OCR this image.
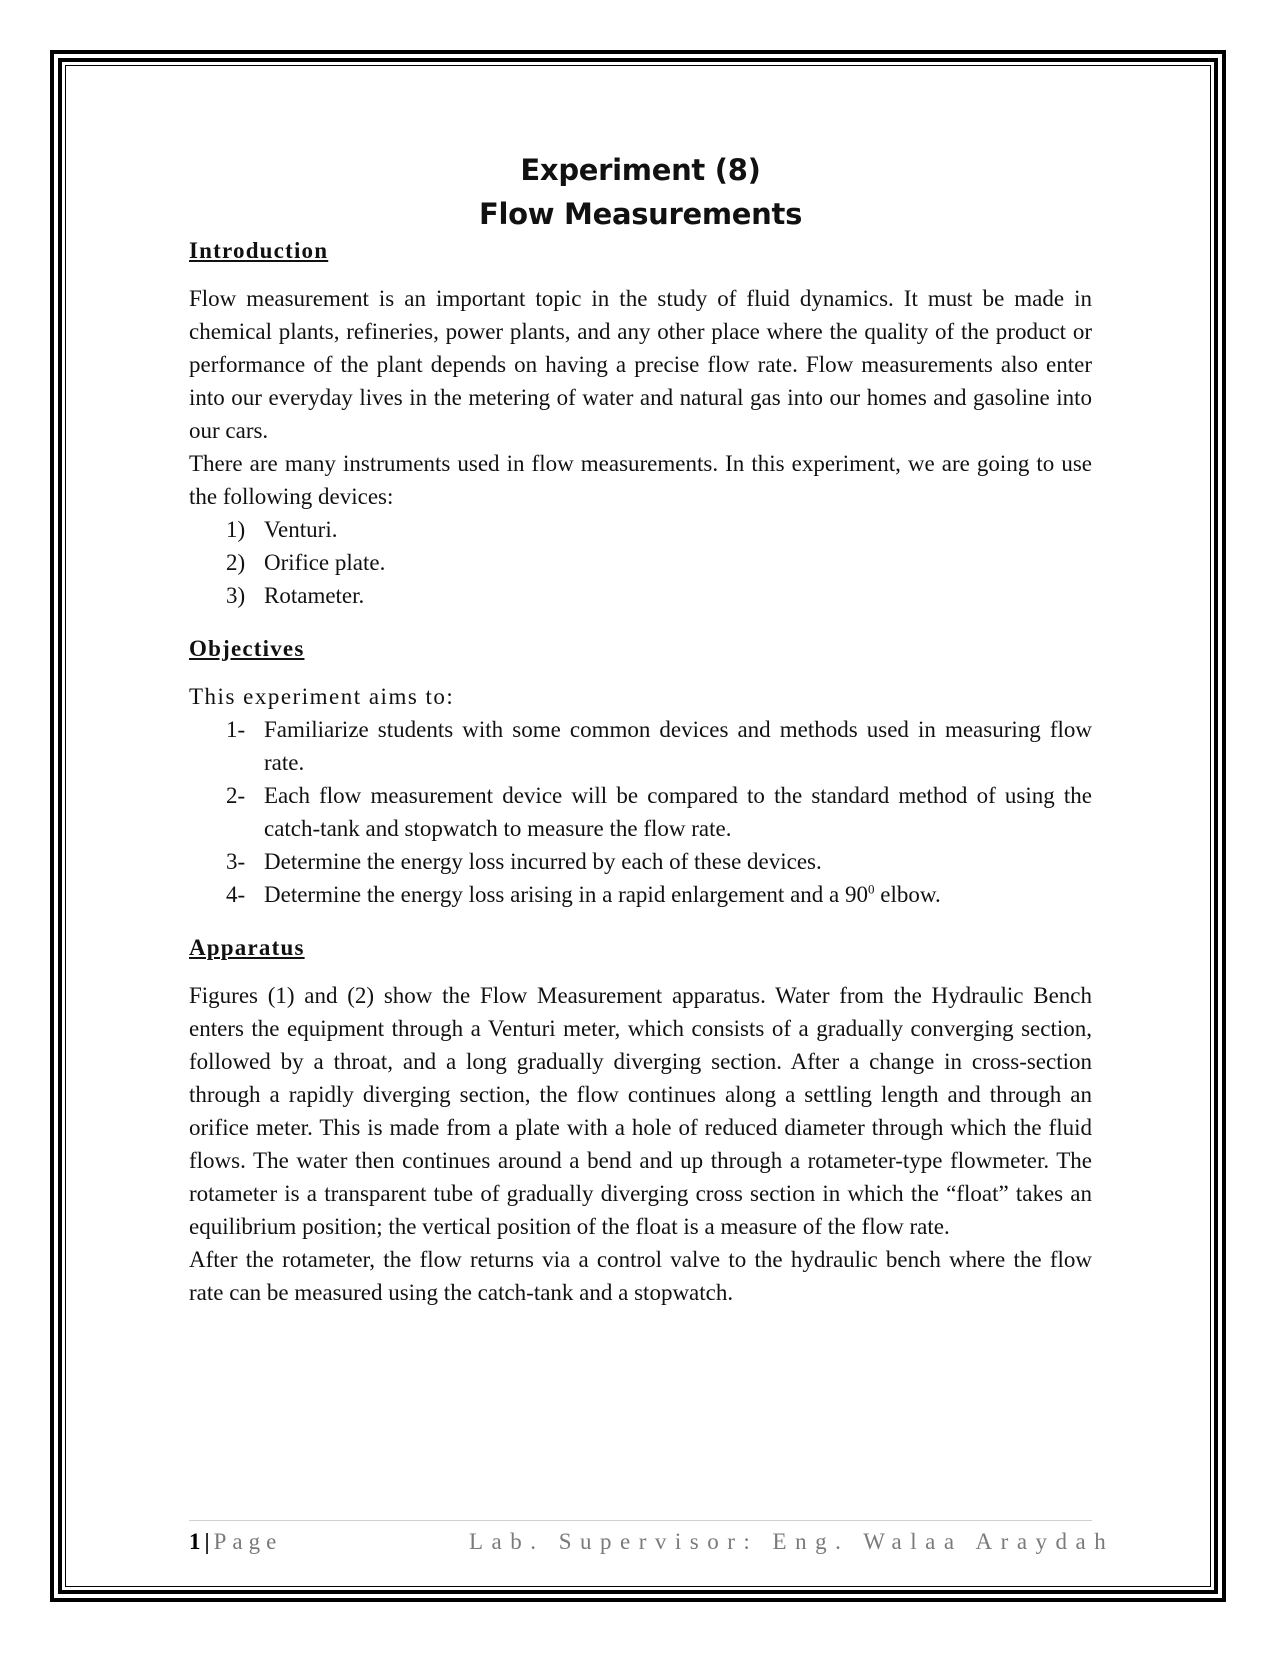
Experiment (8)
Flow Measurements
Introduction

Flow measurement is an important topic in the study of fluid dynamics. It must be made in chemical plants, refineries, power plants, and any other place where the quality of the product or performance of the plant depends on having a precise flow rate. Flow measurements also enter into our everyday lives in the metering of water and natural gas into our homes and gasoline into our cars.

There are many instruments used in flow measurements. In this experiment, we are going to use the following devices:

1) Venturi.
2) Orifice plate.
3) Rotameter.
Objectives

This experiment aims to:

1- Familiarize students with some common devices and methods used in measuring flow rate.
2- Each flow measurement device will be compared to the standard method of using the catch-tank and stopwatch to measure the flow rate.
3- Determine the energy loss incurred by each of these devices.
4- Determine the energy loss arising in a rapid enlargement and a $90^0$ elbow.
Apparatus

Figures (1) and (2) show the Flow Measurement apparatus. Water from the Hydraulic Bench enters the equipment through a Venturi meter, which consists of a gradually converging section, followed by a throat, and a long gradually diverging section. After a change in cross-section through a rapidly diverging section, the flow continues along a settling length and through an orifice meter. This is made from a plate with a hole of reduced diameter through which the fluid flows. The water then continues around a bend and up through a rotameter-type flowmeter. The rotameter is a transparent tube of gradually diverging cross section in which the “float” takes an equilibrium position; the vertical position of the float is a measure of the flow rate.

After the rotameter, the flow returns via a control valve to the hydraulic bench where the flow rate can be measured using the catch-tank and a stopwatch.

1 | Page	Lab. Supervisor: Eng. Walaa Araydah
